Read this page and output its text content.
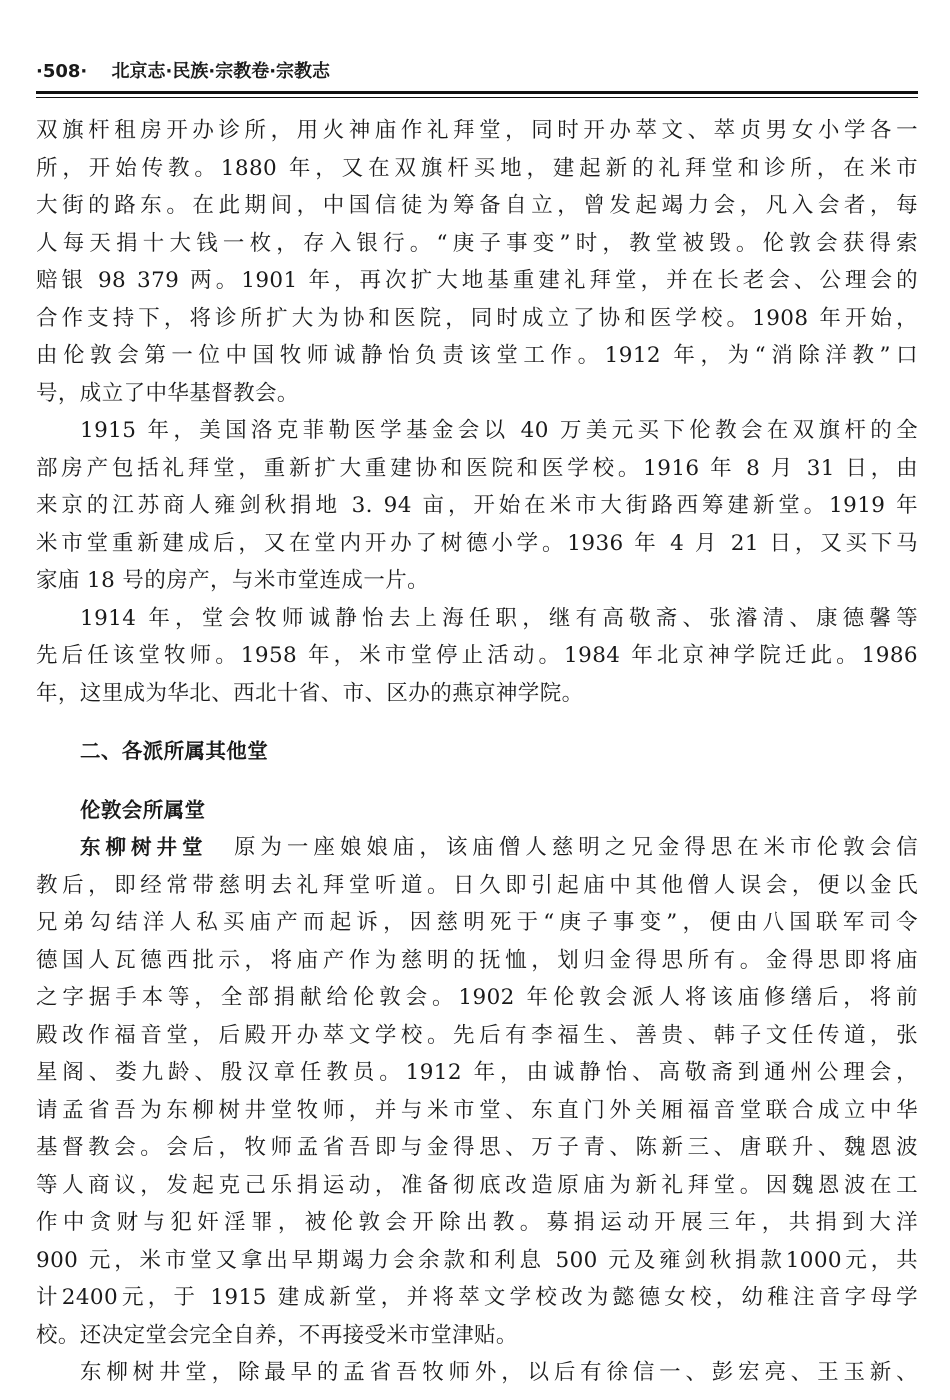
·508· 北京志·民族·宗教卷·宗教志
双旗杆租房开办诊所，用火神庙作礼拜堂，同时开办萃文、萃贞男女小学各一
所，开始传教。1880 年，又在双旗杆买地，建起新的礼拜堂和诊所，在米市
大街的路东。在此期间，中国信徒为筹备自立，曾发起竭力会，凡入会者，每
人每天捐十大钱一枚，存入银行。“庚子事变”时，教堂被毁。伦敦会获得索
赔银 98 379 两。1901 年，再次扩大地基重建礼拜堂，并在长老会、公理会的
合作支持下，将诊所扩大为协和医院，同时成立了协和医学校。1908 年开始，
由伦敦会第一位中国牧师诚静怡负责该堂工作。1912 年，为“消除洋教”口
号，成立了中华基督教会。
1915 年，美国洛克菲勒医学基金会以 40 万美元买下伦教会在双旗杆的全
部房产包括礼拜堂，重新扩大重建协和医院和医学校。1916 年 8 月 31 日，由
来京的江苏商人雍剑秋捐地 3. 94 亩，开始在米市大街路西筹建新堂。1919 年
米市堂重新建成后，又在堂内开办了树德小学。1936 年 4 月 21 日，又买下马
家庙 18 号的房产，与米市堂连成一片。
1914 年，堂会牧师诚静怡去上海任职，继有高敬斋、张濬清、康德馨等
先后任该堂牧师。1958 年，米市堂停止活动。1984 年北京神学院迁此。1986
年，这里成为华北、西北十省、市、区办的燕京神学院。
二、各派所属其他堂
伦敦会所属堂
东柳树井堂　 原为一座娘娘庙，该庙僧人慈明之兄金得思在米市伦敦会信
教后，即经常带慈明去礼拜堂听道。日久即引起庙中其他僧人误会，便以金氏
兄弟勾结洋人私买庙产而起诉，因慈明死于“庚子事变”，便由八国联军司令
德国人瓦德西批示，将庙产作为慈明的抚恤，划归金得思所有。金得思即将庙
之字据手本等，全部捐献给伦敦会。1902 年伦敦会派人将该庙修缮后，将前
殿改作福音堂，后殿开办萃文学校。先后有李福生、善贵、韩子文任传道，张
星阁、娄九龄、殷汉章任教员。1912 年，由诚静怡、高敬斋到通州公理会，
请孟省吾为东柳树井堂牧师，并与米市堂、东直门外关厢福音堂联合成立中华
基督教会。会后，牧师孟省吾即与金得思、万子青、陈新三、唐联升、魏恩波
等人商议，发起克己乐捐运动，准备彻底改造原庙为新礼拜堂。因魏恩波在工
作中贪财与犯奸淫罪，被伦敦会开除出教。募捐运动开展三年，共捐到大洋
900 元，米市堂又拿出早期竭力会余款和利息 500 元及雍剑秋捐款1000元，共
计2400元，于 1915 建成新堂，并将萃文学校改为懿德女校，幼稚注音字母学
校。还决定堂会完全自养，不再接受米市堂津贴。
东柳树井堂，除最早的孟省吾牧师外，以后有徐信一、彭宏亮、王玉新、
